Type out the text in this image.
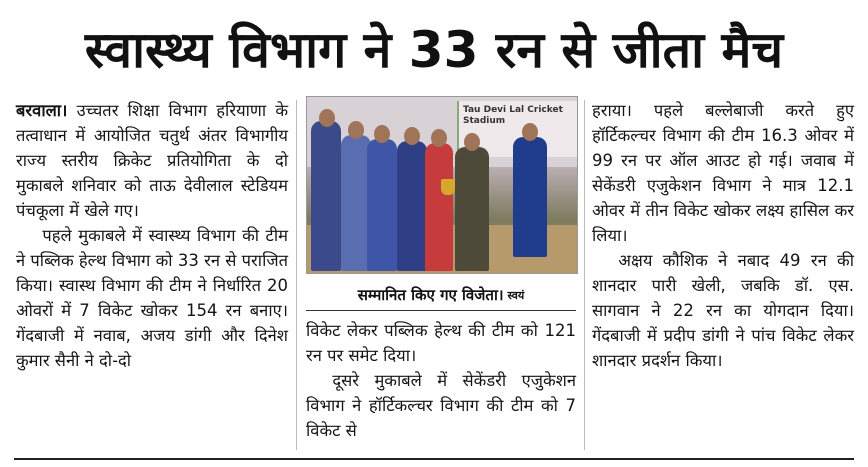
स्वास्थ्य विभाग ने 33 रन से जीता मैच

बरवाला। उच्चतर शिक्षा विभाग हरियाणा के तत्वाधान में आयोजित चतुर्थ अंतर विभागीय राज्य स्तरीय क्रिकेट प्रतियोगिता के दो मुकाबले शनिवार को ताऊ देवीलाल स्टेडियम पंचकूला में खेले गए।

पहले मुकाबले में स्वास्थ्य विभाग की टीम ने पब्लिक हेल्थ विभाग को 33 रन से पराजित किया। स्वास्थ विभाग की टीम ने निर्धारित 20 ओवरों में 7 विकेट खोकर 154 रन बनाए। गेंदबाजी में नवाब, अजय डांगी और दिनेश कुमार सैनी ने दो-दो

Tau Devi Lal Cricket Stadium
सम्मानित किए गए विजेता। स्वयं

विकेट लेकर पब्लिक हेल्थ की टीम को 121 रन पर समेट दिया।

दूसरे मुकाबले में सेकेंडरी एजुकेशन विभाग ने हॉर्टिकल्चर विभाग की टीम को 7 विकेट से

हराया। पहले बल्लेबाजी करते हुए हॉर्टिकल्चर विभाग की टीम 16.3 ओवर में 99 रन पर ऑल आउट हो गई। जवाब में सेकेंडरी एजुकेशन विभाग ने मात्र 12.1 ओवर में तीन विकेट खोकर लक्ष्य हासिल कर लिया।

अक्षय कौशिक ने नबाद 49 रन की शानदार पारी खेली, जबकि डॉ. एस. सागवान ने 22 रन का योगदान दिया। गेंदबाजी में प्रदीप डांगी ने पांच विकेट लेकर शानदार प्रदर्शन किया।
